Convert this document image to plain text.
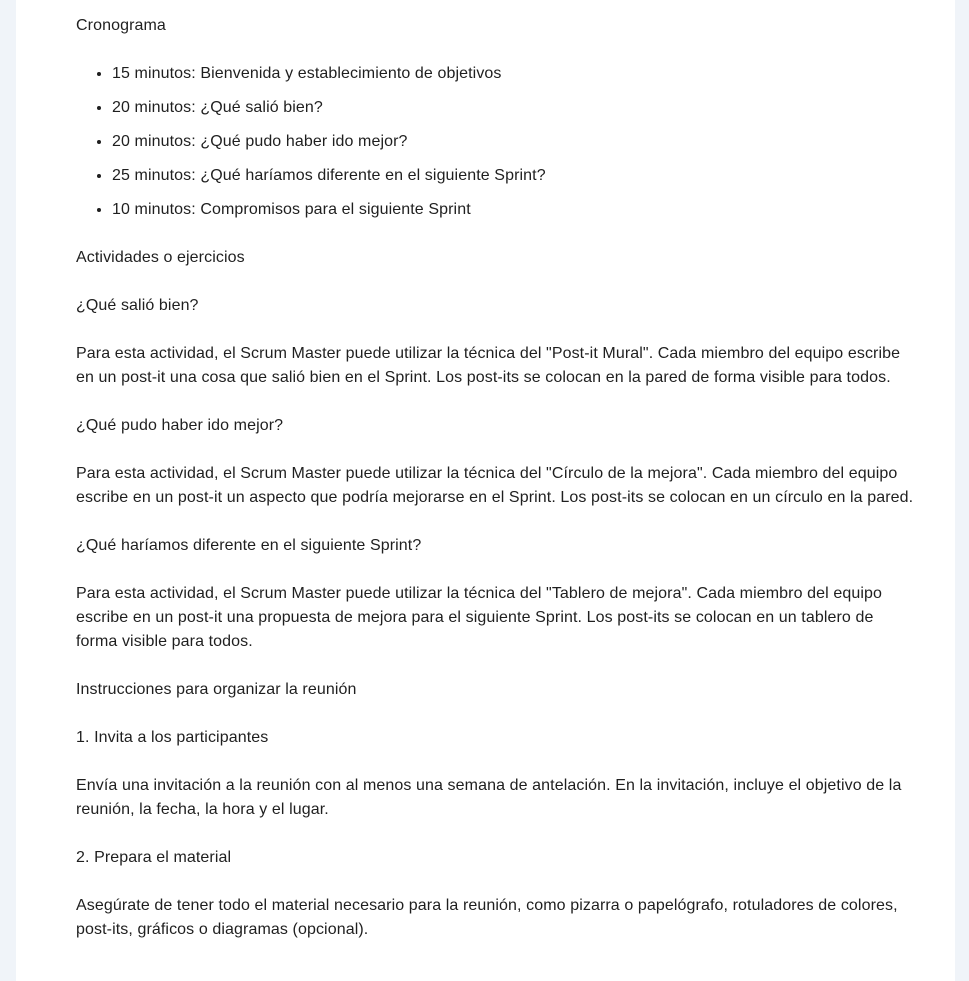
Cronograma
• 15 minutos: Bienvenida y establecimiento de objetivos
• 20 minutos: ¿Qué salió bien?
• 20 minutos: ¿Qué pudo haber ido mejor?
• 25 minutos: ¿Qué haríamos diferente en el siguiente Sprint?
• 10 minutos: Compromisos para el siguiente Sprint
Actividades o ejercicios
¿Qué salió bien?

Para esta actividad, el Scrum Master puede utilizar la técnica del "Post-it Mural". Cada miembro del equipo escribe en un post-it una cosa que salió bien en el Sprint. Los post-its se colocan en la pared de forma visible para todos.

¿Qué pudo haber ido mejor?

Para esta actividad, el Scrum Master puede utilizar la técnica del "Círculo de la mejora". Cada miembro del equipo escribe en un post-it un aspecto que podría mejorarse en el Sprint. Los post-its se colocan en un círculo en la pared.

¿Qué haríamos diferente en el siguiente Sprint?

Para esta actividad, el Scrum Master puede utilizar la técnica del "Tablero de mejora". Cada miembro del equipo escribe en un post-it una propuesta de mejora para el siguiente Sprint. Los post-its se colocan en un tablero de forma visible para todos.

Instrucciones para organizar la reunión
1. Invita a los participantes

Envía una invitación a la reunión con al menos una semana de antelación. En la invitación, incluye el objetivo de la reunión, la fecha, la hora y el lugar.

2. Prepara el material

Asegúrate de tener todo el material necesario para la reunión, como pizarra o papelógrafo, rotuladores de colores, post-its, gráficos o diagramas (opcional).
